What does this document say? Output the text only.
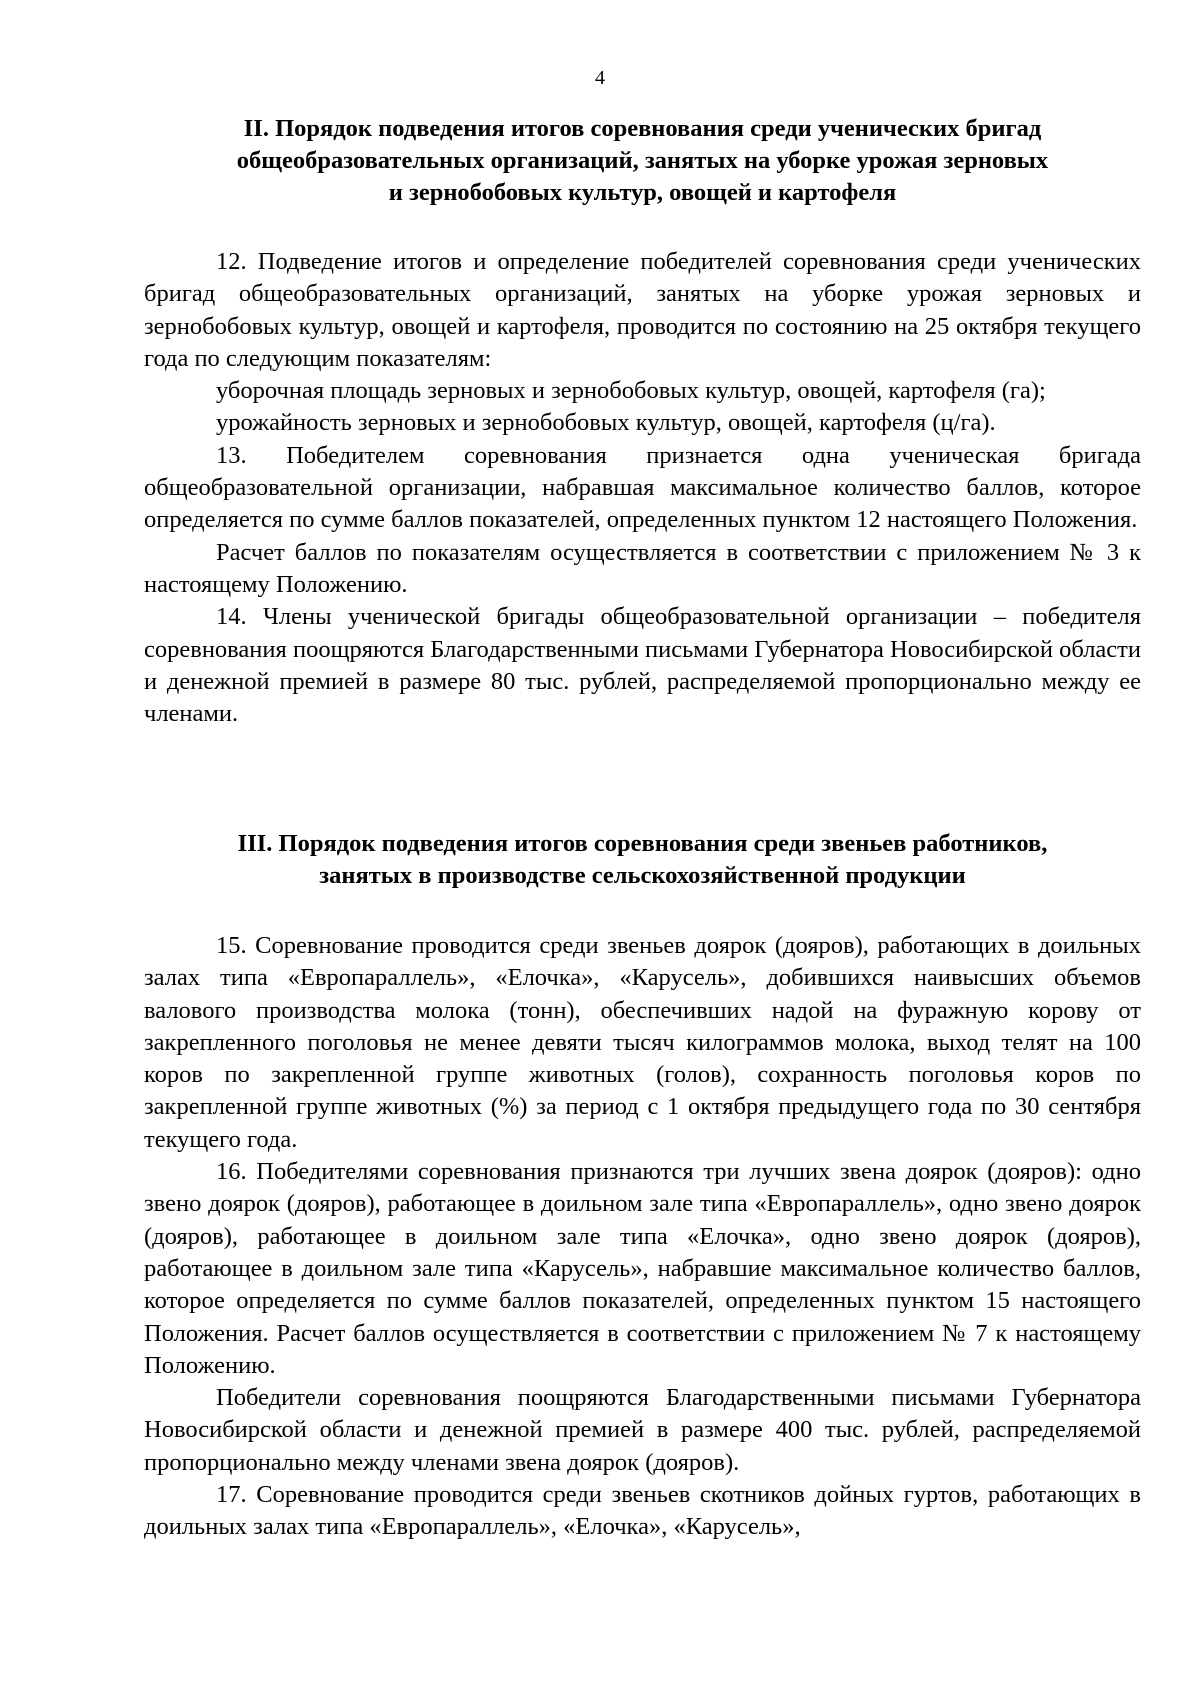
4
II. Порядок подведения итогов соревнования среди ученических бригад
общеобразовательных организаций, занятых на уборке урожая зерновых
и зернобобовых культур, овощей и картофеля

12. Подведение итогов и определение победителей соревнования среди ученических бригад общеобразовательных организаций, занятых на уборке урожая зерновых и зернобобовых культур, овощей и картофеля, проводится по состоянию на 25 октября текущего года по следующим показателям:

уборочная площадь зерновых и зернобобовых культур, овощей, картофеля (га);

урожайность зерновых и зернобобовых культур, овощей, картофеля (ц/га).

13. Победителем соревнования признается одна ученическая бригада общеобразовательной организации, набравшая максимальное количество баллов, которое определяется по сумме баллов показателей, определенных пунктом 12 настоящего Положения.

Расчет баллов по показателям осуществляется в соответствии с приложением № 3 к настоящему Положению.

14. Члены ученической бригады общеобразовательной организации – победителя соревнования поощряются Благодарственными письмами Губернатора Новосибирской области и денежной премией в размере 80 тыс. рублей, распределяемой пропорционально между ее членами.

III. Порядок подведения итогов соревнования среди звеньев работников,
занятых в производстве сельскохозяйственной продукции

15. Соревнование проводится среди звеньев доярок (дояров), работающих в доильных залах типа «Европараллель», «Елочка», «Карусель», добившихся наивысших объемов валового производства молока (тонн), обеспечивших надой на фуражную корову от закрепленного поголовья не менее девяти тысяч килограммов молока, выход телят на 100 коров по закрепленной группе животных (голов), сохранность поголовья коров по закрепленной группе животных (%) за период с 1 октября предыдущего года по 30 сентября текущего года.

16. Победителями соревнования признаются три лучших звена доярок (дояров): одно звено доярок (дояров), работающее в доильном зале типа «Европараллель», одно звено доярок (дояров), работающее в доильном зале типа «Елочка», одно звено доярок (дояров), работающее в доильном зале типа «Карусель», набравшие максимальное количество баллов, которое определяется по сумме баллов показателей, определенных пунктом 15 настоящего Положения. Расчет баллов осуществляется в соответствии с приложением № 7 к настоящему Положению.

Победители соревнования поощряются Благодарственными письмами Губернатора Новосибирской области и денежной премией в размере 400 тыс. рублей, распределяемой пропорционально между членами звена доярок (дояров).

17. Соревнование проводится среди звеньев скотников дойных гуртов, работающих в доильных залах типа «Европараллель», «Елочка», «Карусель»,
